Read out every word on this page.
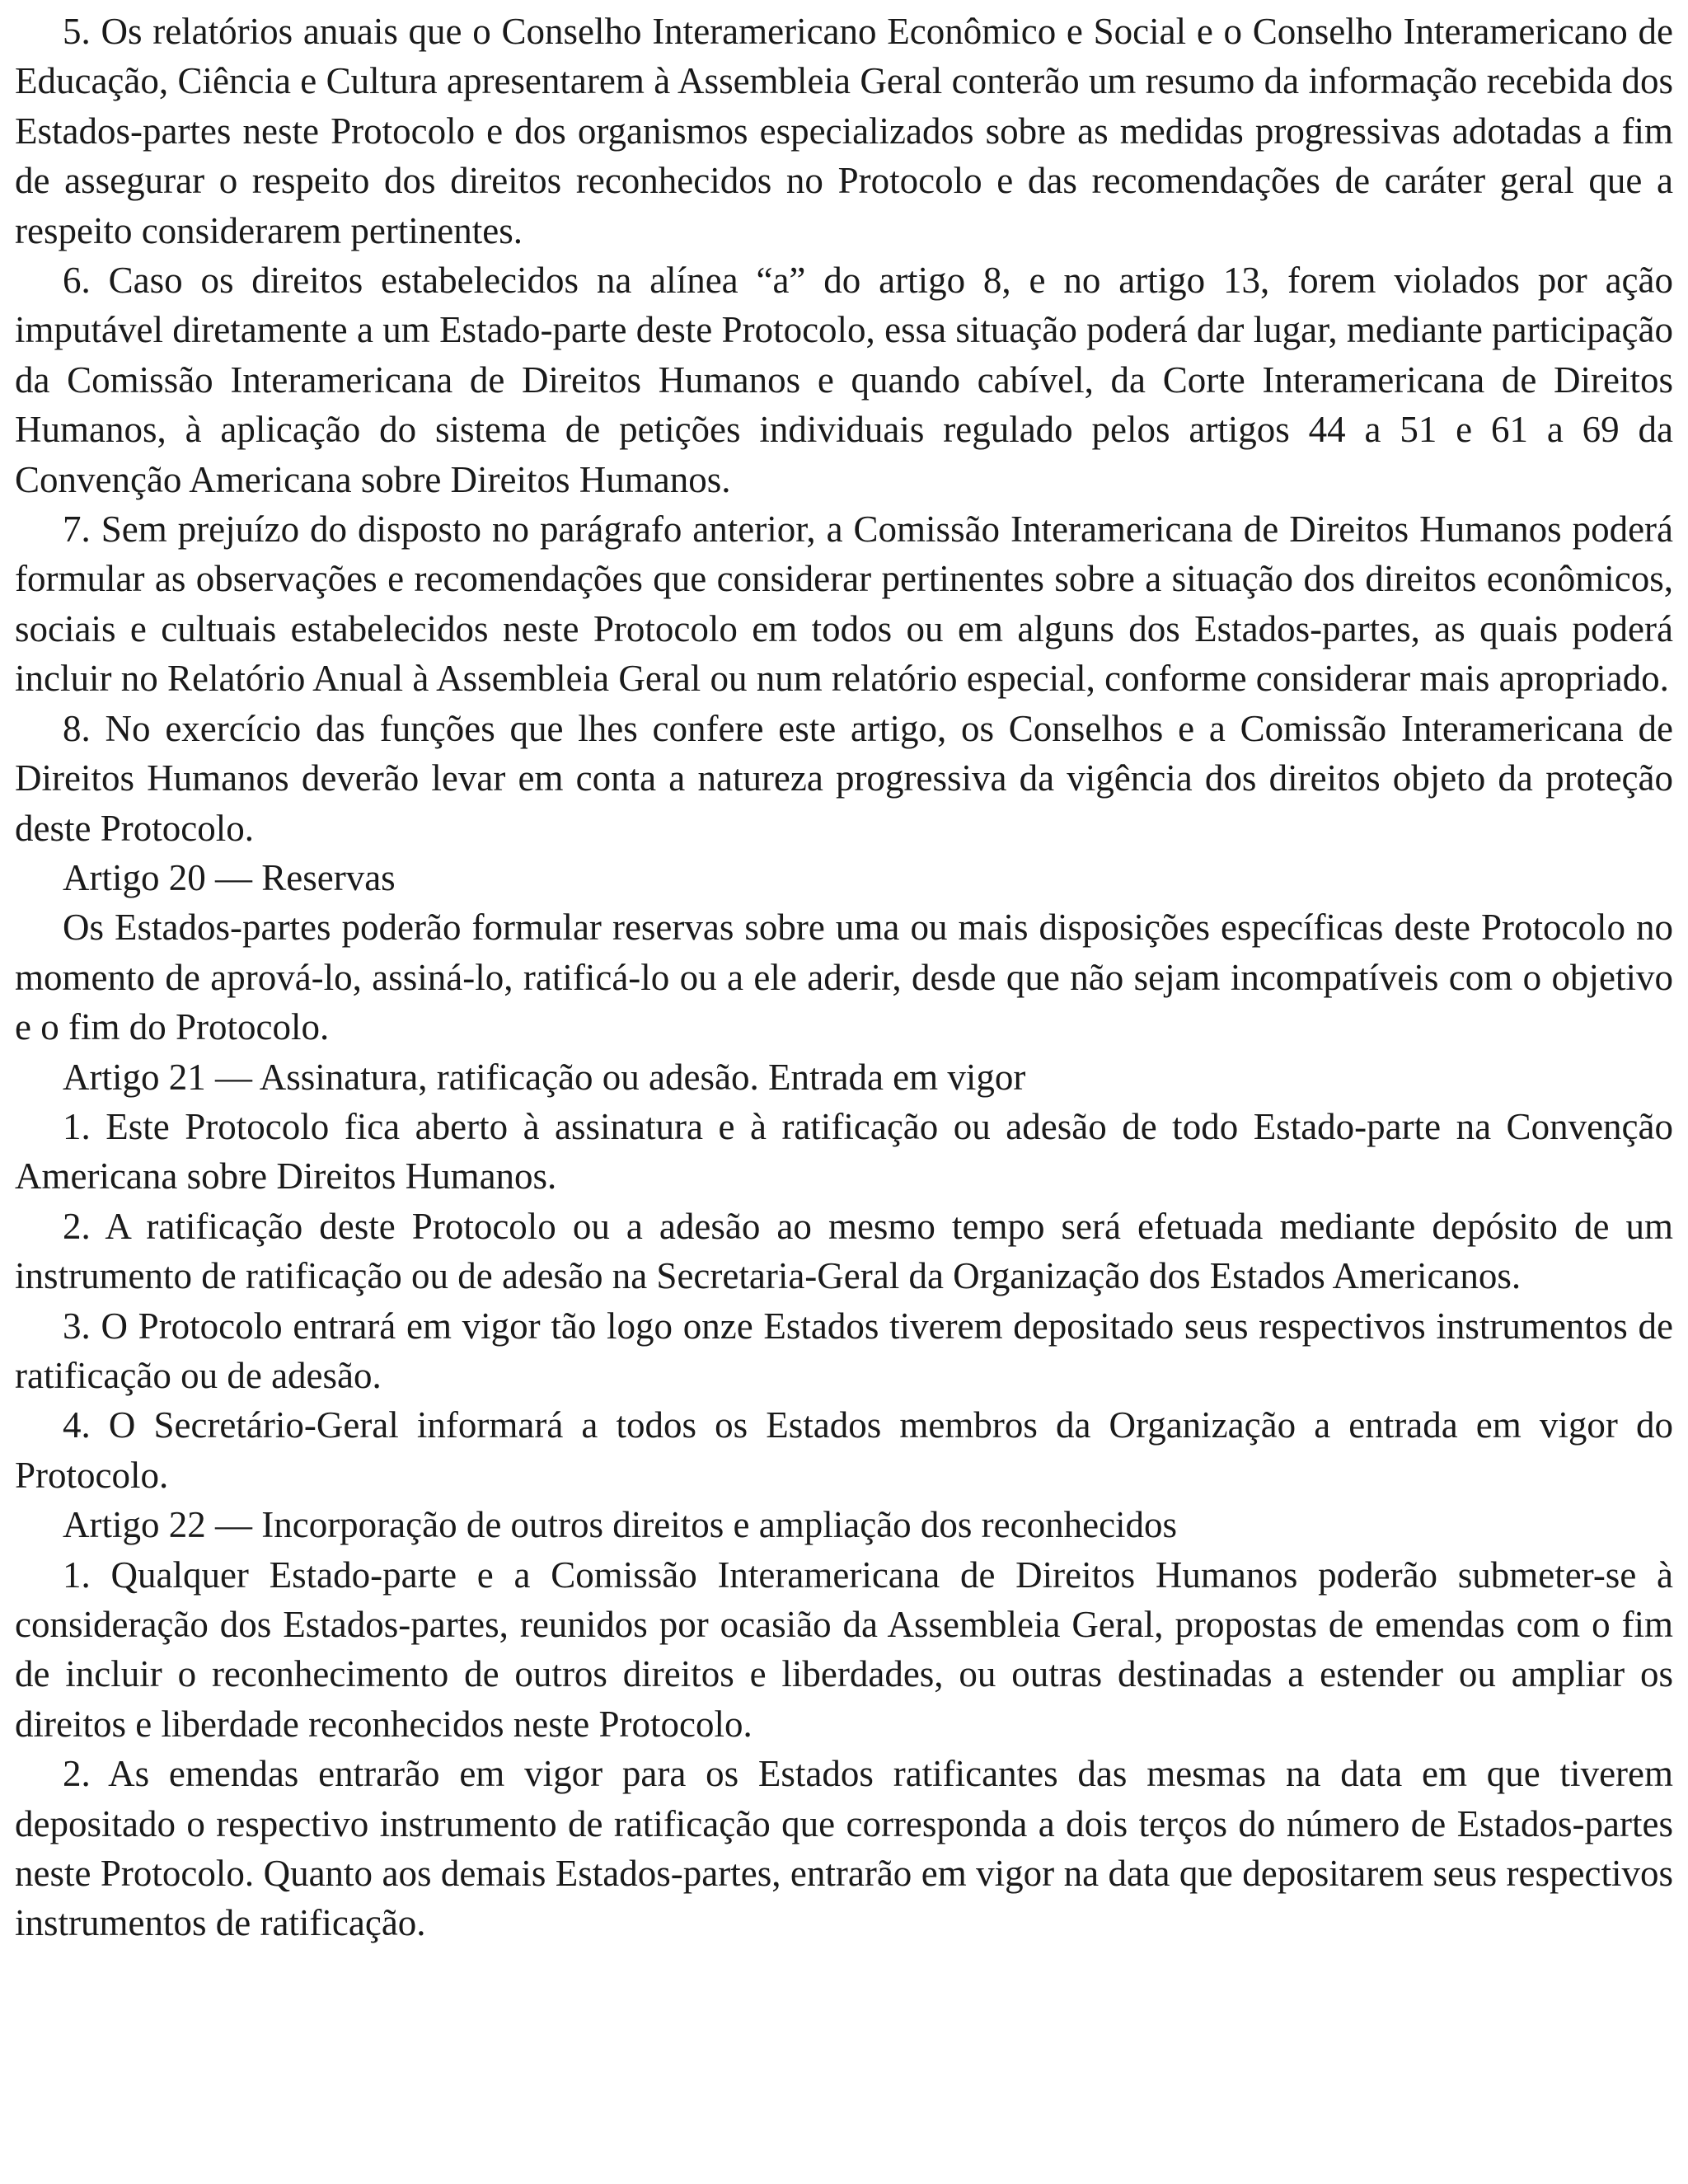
5. Os relatórios anuais que o Conselho Interamericano Econômico e Social e o Conselho Interamericano de Educação, Ciência e Cultura apresentarem à Assembleia Geral conterão um resumo da informação recebida dos Estados-partes neste Protocolo e dos organismos especializados sobre as medidas progressivas adotadas a fim de assegurar o respeito dos direitos reconhecidos no Protocolo e das recomendações de caráter geral que a respeito considerarem pertinentes.

6. Caso os direitos estabelecidos na alínea “a” do artigo 8, e no artigo 13, forem violados por ação imputável diretamente a um Estado-parte deste Protocolo, essa situação poderá dar lugar, mediante participação da Comissão Interamericana de Direitos Humanos e quando cabível, da Corte Interamericana de Direitos Humanos, à aplicação do sistema de petições individuais regulado pelos artigos 44 a 51 e 61 a 69 da Convenção Americana sobre Direitos Humanos.

7. Sem prejuízo do disposto no parágrafo anterior, a Comissão Interamericana de Direitos Humanos poderá formular as observações e recomendações que considerar pertinentes sobre a situação dos direitos econômicos, sociais e cultuais estabelecidos neste Protocolo em todos ou em alguns dos Estados-partes, as quais poderá incluir no Relatório Anual à Assembleia Geral ou num relatório especial, conforme considerar mais apropriado.

8. No exercício das funções que lhes confere este artigo, os Conselhos e a Comissão Interamericana de Direitos Humanos deverão levar em conta a natureza progressiva da vigência dos direitos objeto da proteção deste Protocolo.

Artigo 20 — Reservas

Os Estados-partes poderão formular reservas sobre uma ou mais disposições específicas deste Protocolo no momento de aprová-lo, assiná-lo, ratificá-lo ou a ele aderir, desde que não sejam incompatíveis com o objetivo e o fim do Protocolo.

Artigo 21 — Assinatura, ratificação ou adesão. Entrada em vigor

1. Este Protocolo fica aberto à assinatura e à ratificação ou adesão de todo Estado-parte na Convenção Americana sobre Direitos Humanos.

2. A ratificação deste Protocolo ou a adesão ao mesmo tempo será efetuada mediante depósito de um instrumento de ratificação ou de adesão na Secretaria-Geral da Organização dos Estados Americanos.

3. O Protocolo entrará em vigor tão logo onze Estados tiverem depositado seus respectivos instrumentos de ratificação ou de adesão.

4. O Secretário-Geral informará a todos os Estados membros da Organização a entrada em vigor do Protocolo.

Artigo 22 — Incorporação de outros direitos e ampliação dos reconhecidos

1. Qualquer Estado-parte e a Comissão Interamericana de Direitos Humanos poderão submeter-se à consideração dos Estados-partes, reunidos por ocasião da Assembleia Geral, propostas de emendas com o fim de incluir o reconhecimento de outros direitos e liberdades, ou outras destinadas a estender ou ampliar os direitos e liberdade reconhecidos neste Protocolo.

2. As emendas entrarão em vigor para os Estados ratificantes das mesmas na data em que tiverem depositado o respectivo instrumento de ratificação que corresponda a dois terços do número de Estados-partes neste Protocolo. Quanto aos demais Estados-partes, entrarão em vigor na data que depositarem seus respectivos instrumentos de ratificação.
